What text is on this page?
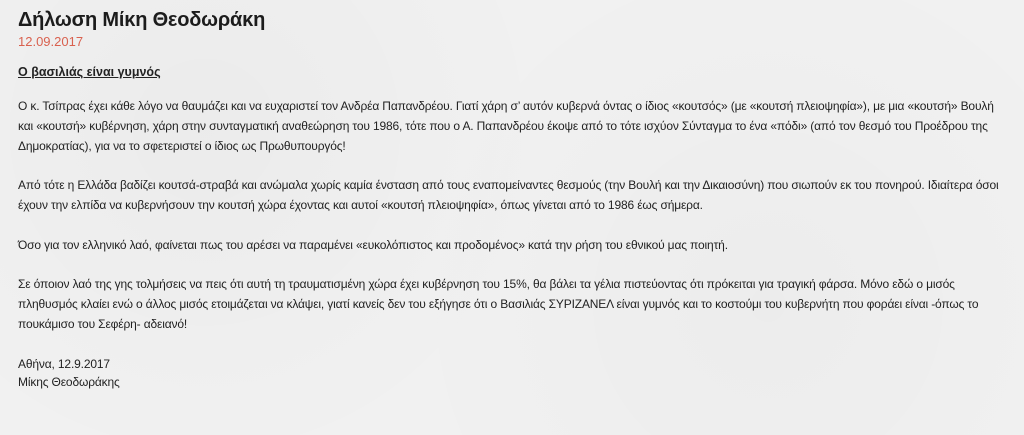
Δήλωση Μίκη Θεοδωράκη
12.09.2017
Ο βασιλιάς είναι γυμνός

Ο κ. Τσίπρας έχει κάθε λόγο να θαυμάζει και να ευχαριστεί τον Ανδρέα Παπανδρέου. Γιατί χάρη σ’ αυτόν κυβερνά όντας ο ίδιος «κουτσός» (με «κουτσή πλειοψηφία»), με μια «κουτσή» Βουλή και «κουτσή» κυβέρνηση, χάρη στην συνταγματική αναθεώρηση του 1986, τότε που ο Α. Παπανδρέου έκοψε από το τότε ισχύον Σύνταγμα το ένα «πόδι» (από τον θεσμό του Προέδρου της Δημοκρατίας), για να το σφετεριστεί ο ίδιος ως Πρωθυπουργός!

Από τότε η Ελλάδα βαδίζει κουτσά-στραβά και ανώμαλα χωρίς καμία ένσταση από τους εναπομείναντες θεσμούς (την Βουλή και την Δικαιοσύνη) που σιωπούν εκ του πονηρού. Ιδιαίτερα όσοι έχουν την ελπίδα να κυβερνήσουν την κουτσή χώρα έχοντας και αυτοί «κουτσή πλειοψηφία», όπως γίνεται από το 1986 έως σήμερα.

Όσο για τον ελληνικό λαό, φαίνεται πως του αρέσει να παραμένει «ευκολόπιστος και προδομένος» κατά την ρήση του εθνικού μας ποιητή.

Σε όποιον λαό της γης τολμήσεις να πεις ότι αυτή τη τραυματισμένη χώρα έχει κυβέρνηση του 15%, θα βάλει τα γέλια πιστεύοντας ότι πρόκειται για τραγική φάρσα. Μόνο εδώ ο μισός πληθυσμός κλαίει ενώ ο άλλος μισός ετοιμάζεται να κλάψει, γιατί κανείς δεν του εξήγησε ότι ο Βασιλιάς ΣΥΡΙΖΑΝΕΛ είναι γυμνός και το κοστούμι του κυβερνήτη που φοράει είναι -όπως το πουκάμισο του Σεφέρη- αδειανό!

Αθήνα, 12.9.2017
Μίκης Θεοδωράκης
